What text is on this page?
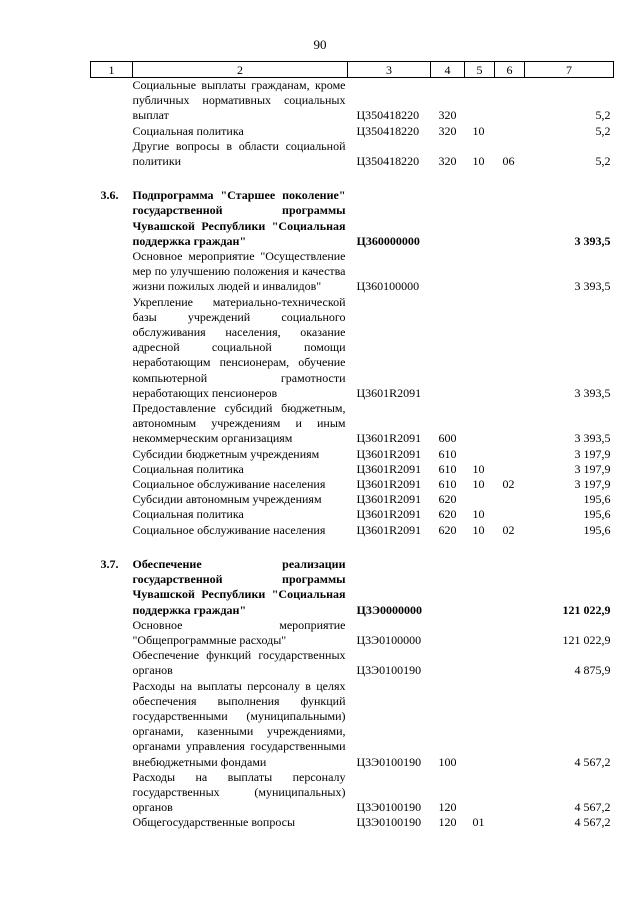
90
1	2	3	4	5	6	7
	Социальные выплаты гражданам, кроме публичных нормативных социальных выплат	Ц350418220	320			5,2
	Социальная политика	Ц350418220	320	10		5,2
	Другие вопросы в области социальной политики	Ц350418220	320	10	06	5,2

3.6.	Подпрограмма "Старшее поколение" государственной программы Чувашской Республики "Социальная поддержка граждан"	Ц360000000				3 393,5
	Основное мероприятие "Осуществление мер по улучшению положения и качества жизни пожилых людей и инвалидов"	Ц360100000				3 393,5
	Укрепление материально-технической базы учреждений социального обслуживания населения, оказание адресной социальной помощи неработающим пенсионерам, обучение компьютерной грамотности неработающих пенсионеров	Ц3601R2091				3 393,5
	Предоставление субсидий бюджетным, автономным учреждениям и иным некоммерческим организациям	Ц3601R2091	600			3 393,5
	Субсидии бюджетным учреждениям	Ц3601R2091	610			3 197,9
	Социальная политика	Ц3601R2091	610	10		3 197,9
	Социальное обслуживание населения	Ц3601R2091	610	10	02	3 197,9
	Субсидии автономным учреждениям	Ц3601R2091	620			195,6
	Социальная политика	Ц3601R2091	620	10		195,6
	Социальное обслуживание населения	Ц3601R2091	620	10	02	195,6

3.7.	Обеспечение реализации государственной программы Чувашской Республики "Социальная поддержка граждан"	Ц3Э0000000				121 022,9
	Основное мероприятие "Общепрограммные расходы"	Ц3Э0100000				121 022,9
	Обеспечение функций государственных органов	Ц3Э0100190				4 875,9
	Расходы на выплаты персоналу в целях обеспечения выполнения функций государственными (муниципальными) органами, казенными учреждениями, органами управления государственными внебюджетными фондами	Ц3Э0100190	100			4 567,2
	Расходы на выплаты персоналу государственных (муниципальных) органов	Ц3Э0100190	120			4 567,2
	Общегосударственные вопросы	Ц3Э0100190	120	01		4 567,2
